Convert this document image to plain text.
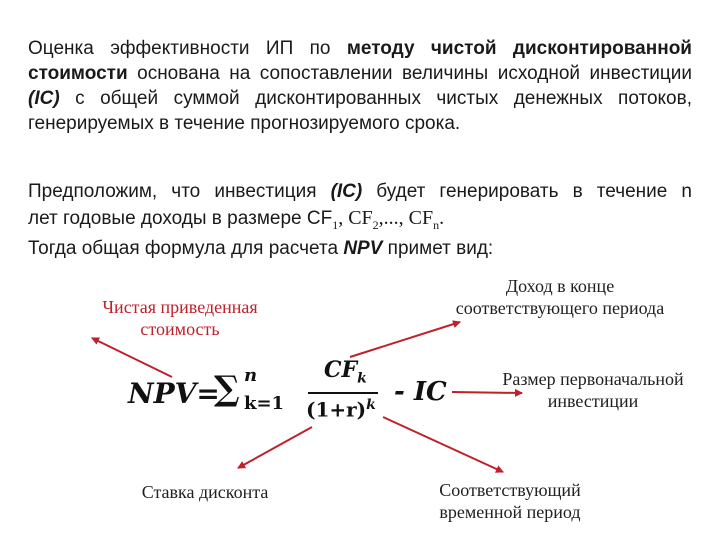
Оценка эффективности ИП по методу чистой дисконтированной стоимости основана на сопоставлении величины исходной инвестиции (IC) с общей суммой дисконтированных чистых денежных потоков, генерируемых в течение прогнозируемого срока.

Предположим, что инвестиция (IC) будет генерировать в течение n

лет годовые доходы в размере $CF_1$, $CF_2$,..., $CF_n$.

Тогда общая формула для расчета NPV примет вид:

NPV=
∑ n
k=1
$CF_k$
$(1+r)^k$ - IC
Чистая приведенная
стоимость
Доход в конце
соответствующего периода
Размер первоначальной
инвестиции
Ставка дисконта	Соответствующий
временной период
